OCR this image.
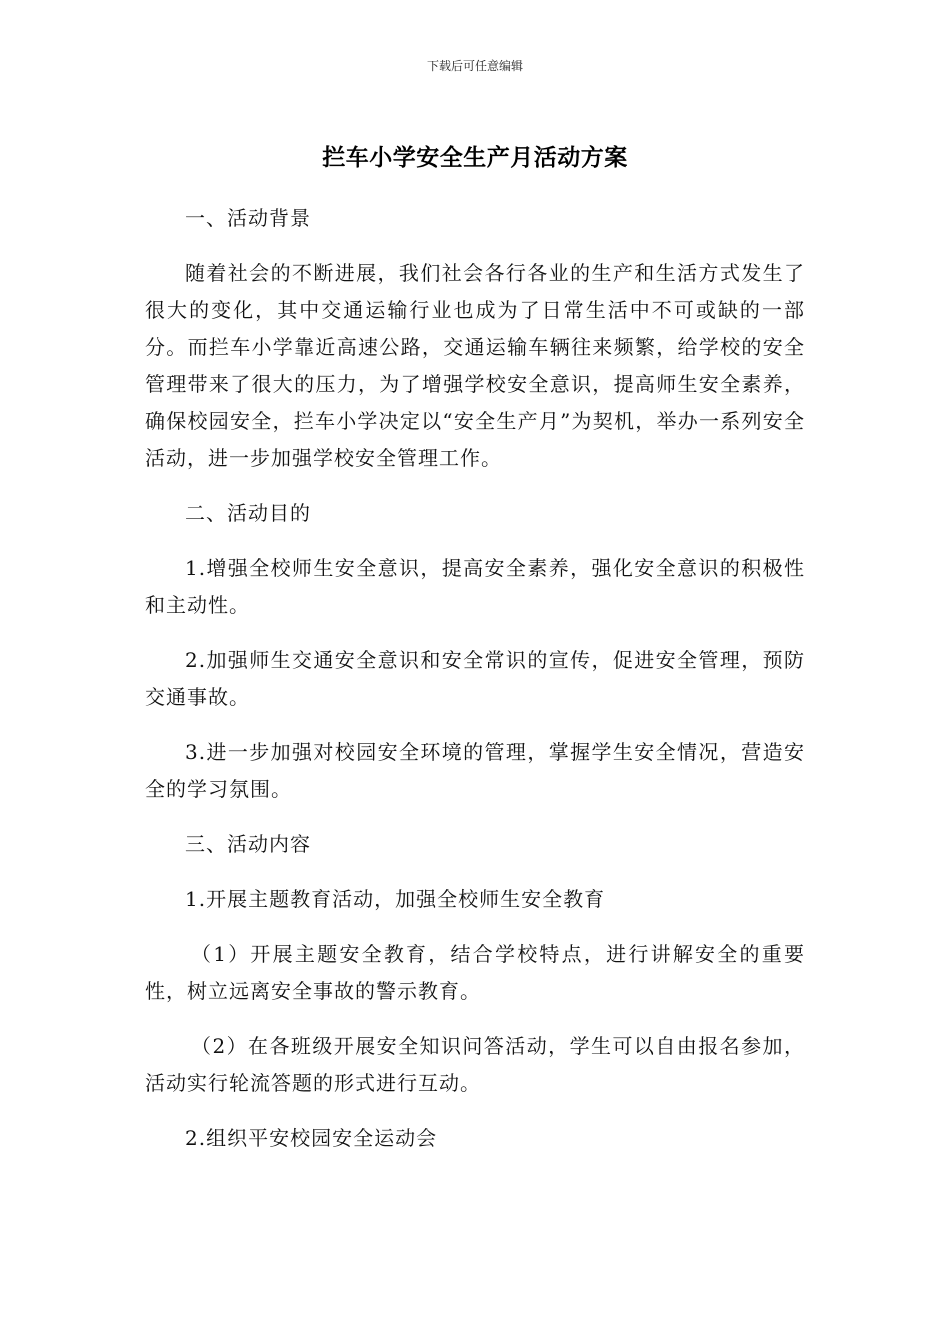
下载后可任意编辑
拦车小学安全生产月活动方案

一、活动背景

随着社会的不断进展，我们社会各行各业的生产和生活方式发生了很大的变化，其中交通运输行业也成为了日常生活中不可或缺的一部分。而拦车小学靠近高速公路，交通运输车辆往来频繁，给学校的安全管理带来了很大的压力，为了增强学校安全意识，提高师生安全素养，确保校园安全，拦车小学决定以“安全生产月”为契机，举办一系列安全活动，进一步加强学校安全管理工作。

二、活动目的

1.增强全校师生安全意识，提高安全素养，强化安全意识的积极性和主动性。

2.加强师生交通安全意识和安全常识的宣传，促进安全管理，预防交通事故。

3.进一步加强对校园安全环境的管理，掌握学生安全情况，营造安全的学习氛围。

三、活动内容

1.开展主题教育活动，加强全校师生安全教育

（1）开展主题安全教育，结合学校特点，进行讲解安全的重要性，树立远离安全事故的警示教育。

（2）在各班级开展安全知识问答活动，学生可以自由报名参加，活动实行轮流答题的形式进行互动。

2.组织平安校园安全运动会
